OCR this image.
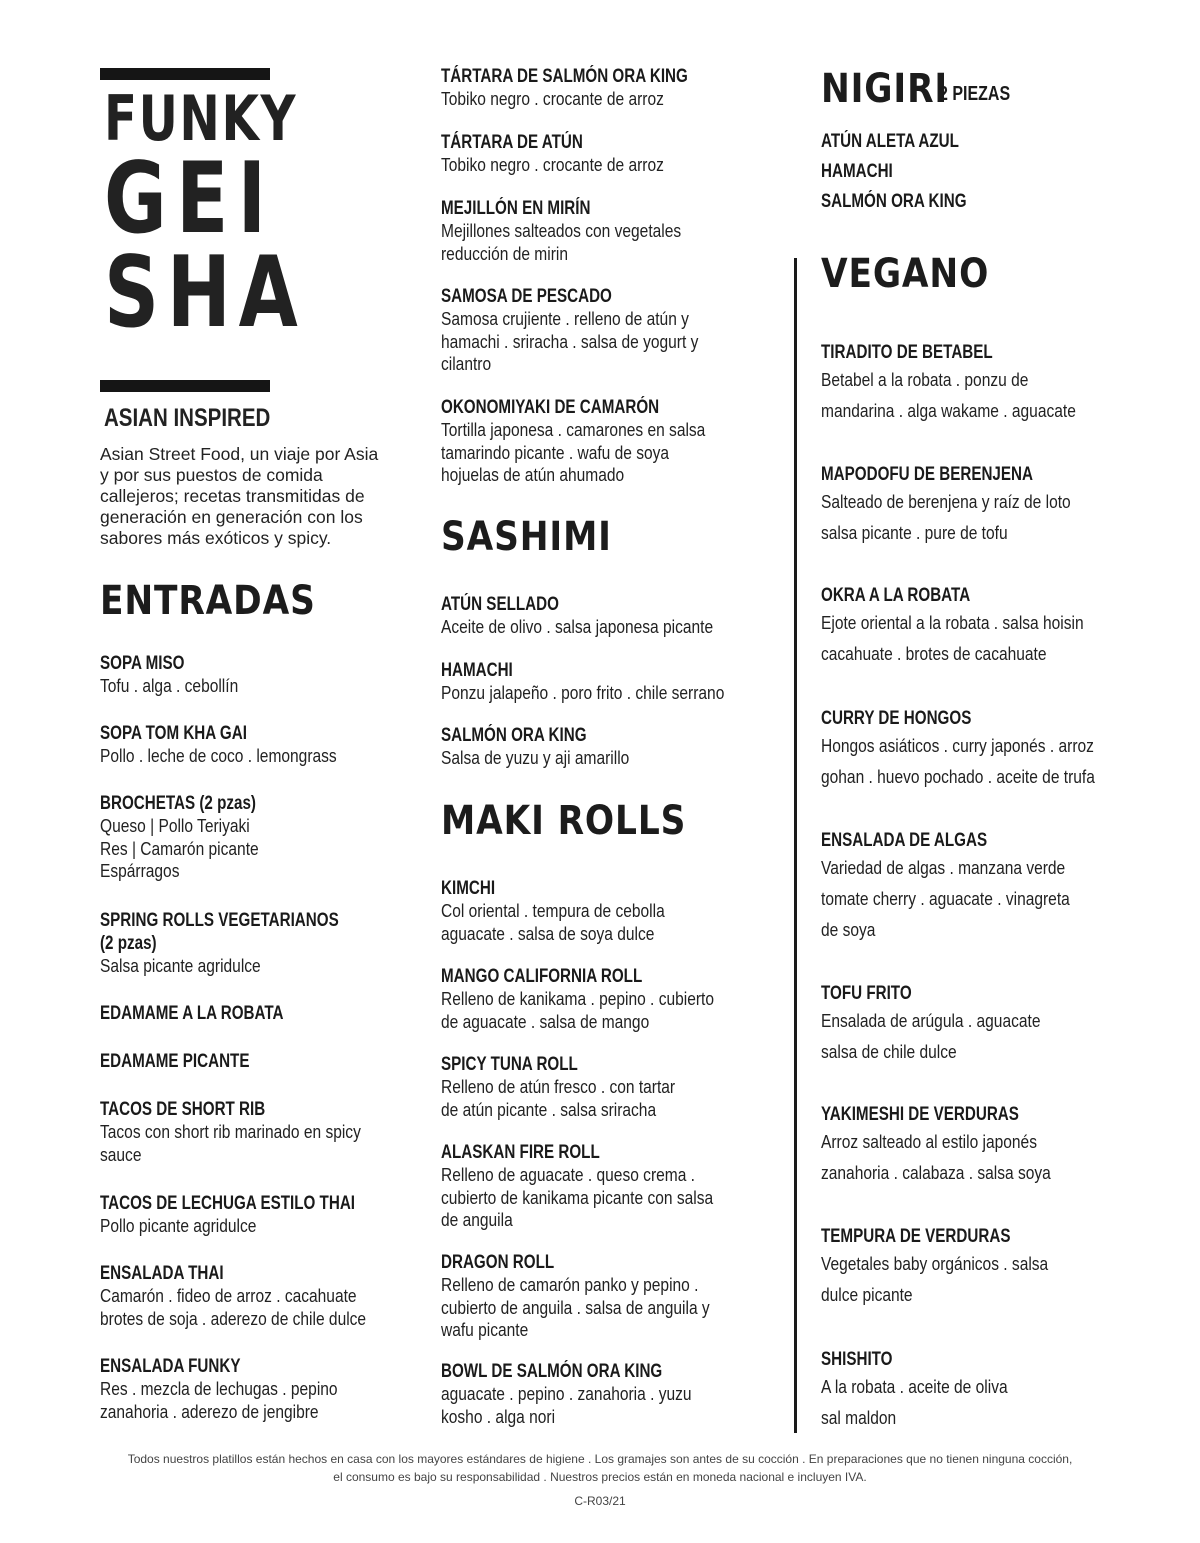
FUNKY
GEI
SHA
ASIAN INSPIRED
Asian Street Food, un viaje por Asia y por sus puestos de comida callejeros; recetas transmitidas de generación en generación con los sabores más exóticos y spicy.
ENTRADAS
SOPA MISO
Tofu . alga . cebollín
SOPA TOM KHA GAI
Pollo . leche de coco . lemongrass
BROCHETAS (2 pzas)
Queso | Pollo Teriyaki
Res | Camarón picante
Espárragos
SPRING ROLLS VEGETARIANOS
(2 pzas)
Salsa picante agridulce
EDAMAME A LA ROBATA
EDAMAME PICANTE
TACOS DE SHORT RIB
Tacos con short rib marinado en spicy
sauce
TACOS DE LECHUGA ESTILO THAI
Pollo picante agridulce
ENSALADA THAI
Camarón . fideo de arroz . cacahuate
brotes de soja . aderezo de chile dulce
ENSALADA FUNKY
Res . mezcla de lechugas . pepino
zanahoria . aderezo de jengibre
TÁRTARA DE SALMÓN ORA KING
Tobiko negro . crocante de arroz
TÁRTARA DE ATÚN
Tobiko negro . crocante de arroz
MEJILLÓN EN MIRÍN
Mejillones salteados con vegetales
reducción de mirin
SAMOSA DE PESCADO
Samosa crujiente . relleno de atún y
hamachi . sriracha . salsa de yogurt y
cilantro
OKONOMIYAKI DE CAMARÓN
Tortilla japonesa . camarones en salsa
tamarindo picante . wafu de soya
hojuelas de atún ahumado
SASHIMI
ATÚN SELLADO
Aceite de olivo . salsa japonesa picante
HAMACHI
Ponzu jalapeño . poro frito . chile serrano
SALMÓN ORA KING
Salsa de yuzu y aji amarillo
MAKI ROLLS
KIMCHI
Col oriental . tempura de cebolla
aguacate . salsa de soya dulce
MANGO CALIFORNIA ROLL
Relleno de kanikama . pepino . cubierto
de aguacate . salsa de mango
SPICY TUNA ROLL
Relleno de atún fresco . con tartar
de atún picante . salsa sriracha
ALASKAN FIRE ROLL
Relleno de aguacate . queso crema .
cubierto de kanikama picante con salsa
de anguila
DRAGON ROLL
Relleno de camarón panko y pepino .
cubierto de anguila . salsa de anguila y
wafu picante
BOWL DE SALMÓN ORA KING
aguacate . pepino . zanahoria . yuzu
kosho . alga nori
NIGIRI
2 PIEZAS
ATÚN ALETA AZUL
HAMACHI
SALMÓN ORA KING
VEGANO
TIRADITO DE BETABEL
Betabel a la robata . ponzu de
mandarina . alga wakame . aguacate
MAPODOFU DE BERENJENA
Salteado de berenjena y raíz de loto
salsa picante . pure de tofu
OKRA A LA ROBATA
Ejote oriental a la robata . salsa hoisin
cacahuate . brotes de cacahuate
CURRY DE HONGOS
Hongos asiáticos . curry japonés . arroz
gohan . huevo pochado . aceite de trufa
ENSALADA DE ALGAS
Variedad de algas . manzana verde
tomate cherry . aguacate . vinagreta
de soya
TOFU FRITO
Ensalada de arúgula . aguacate
salsa de chile dulce
YAKIMESHI DE VERDURAS
Arroz salteado al estilo japonés
zanahoria . calabaza . salsa soya
TEMPURA DE VERDURAS
Vegetales baby orgánicos . salsa
dulce picante
SHISHITO
A la robata . aceite de oliva
sal maldon
Todos nuestros platillos están hechos en casa con los mayores estándares de higiene . Los gramajes son antes de su cocción . En preparaciones que no tienen ninguna cocción,
el consumo es bajo su responsabilidad . Nuestros precios están en moneda nacional e incluyen IVA.
C-R03/21
